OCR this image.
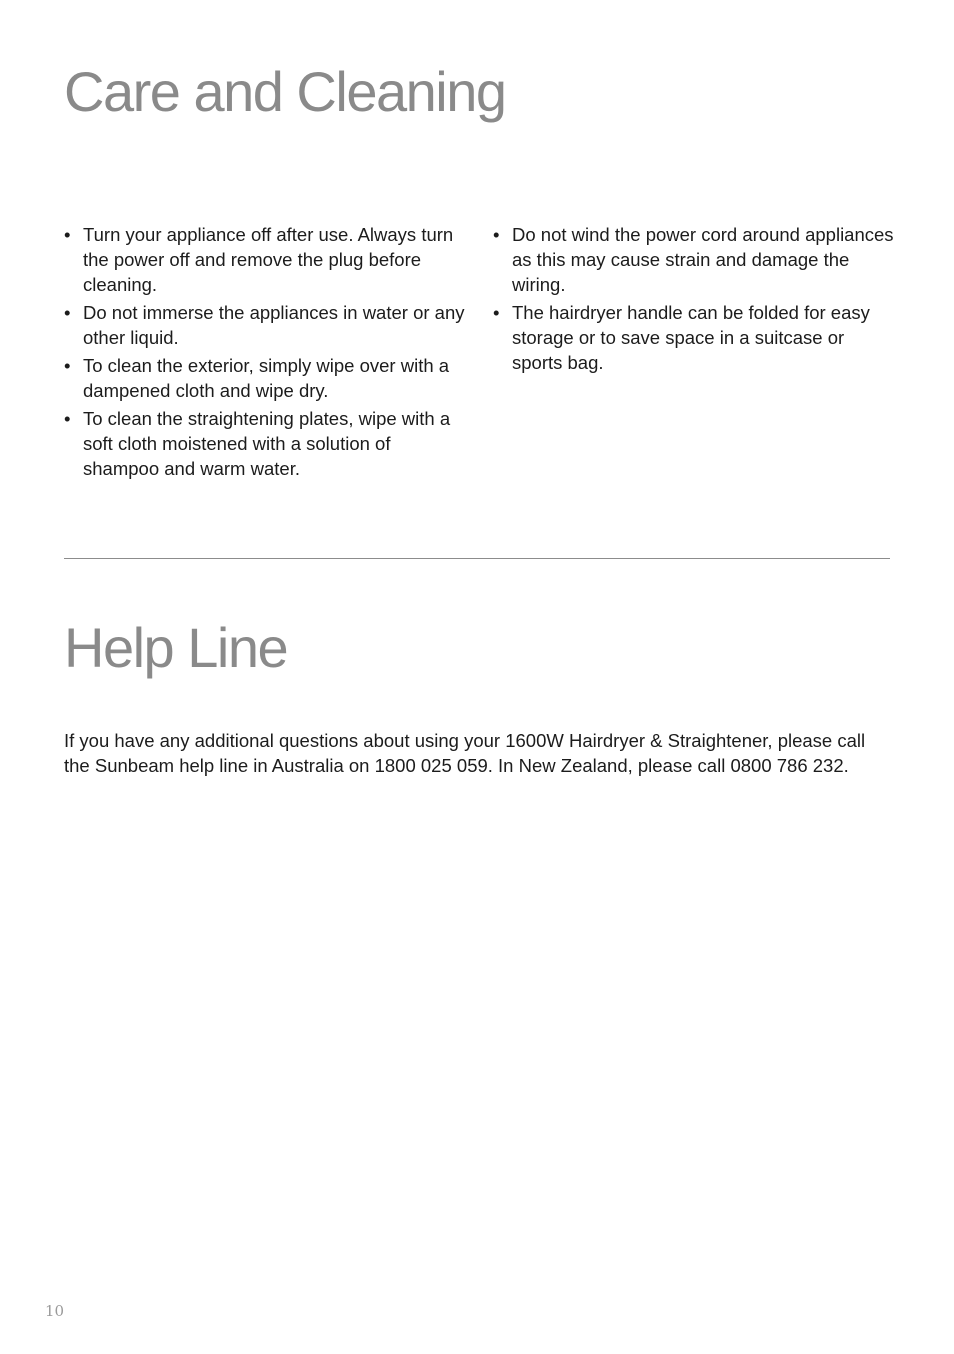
Care and Cleaning
• Turn your appliance off after use. Always turn the power off and remove the plug before cleaning.
• Do not immerse the appliances in water or any other liquid.
• To clean the exterior, simply wipe over with a dampened cloth and wipe dry.
• To clean the straightening plates, wipe with a soft cloth moistened with a solution of shampoo and warm water.
• Do not wind the power cord around appliances as this may cause strain and damage the wiring.
• The hairdryer handle can be folded for easy storage or to save space in a suitcase or sports bag.
Help Line

If you have any additional questions about using your 1600W Hairdryer & Straightener, please call the Sunbeam help line in Australia on 1800 025 059. In New Zealand, please call 0800 786 232.

10
